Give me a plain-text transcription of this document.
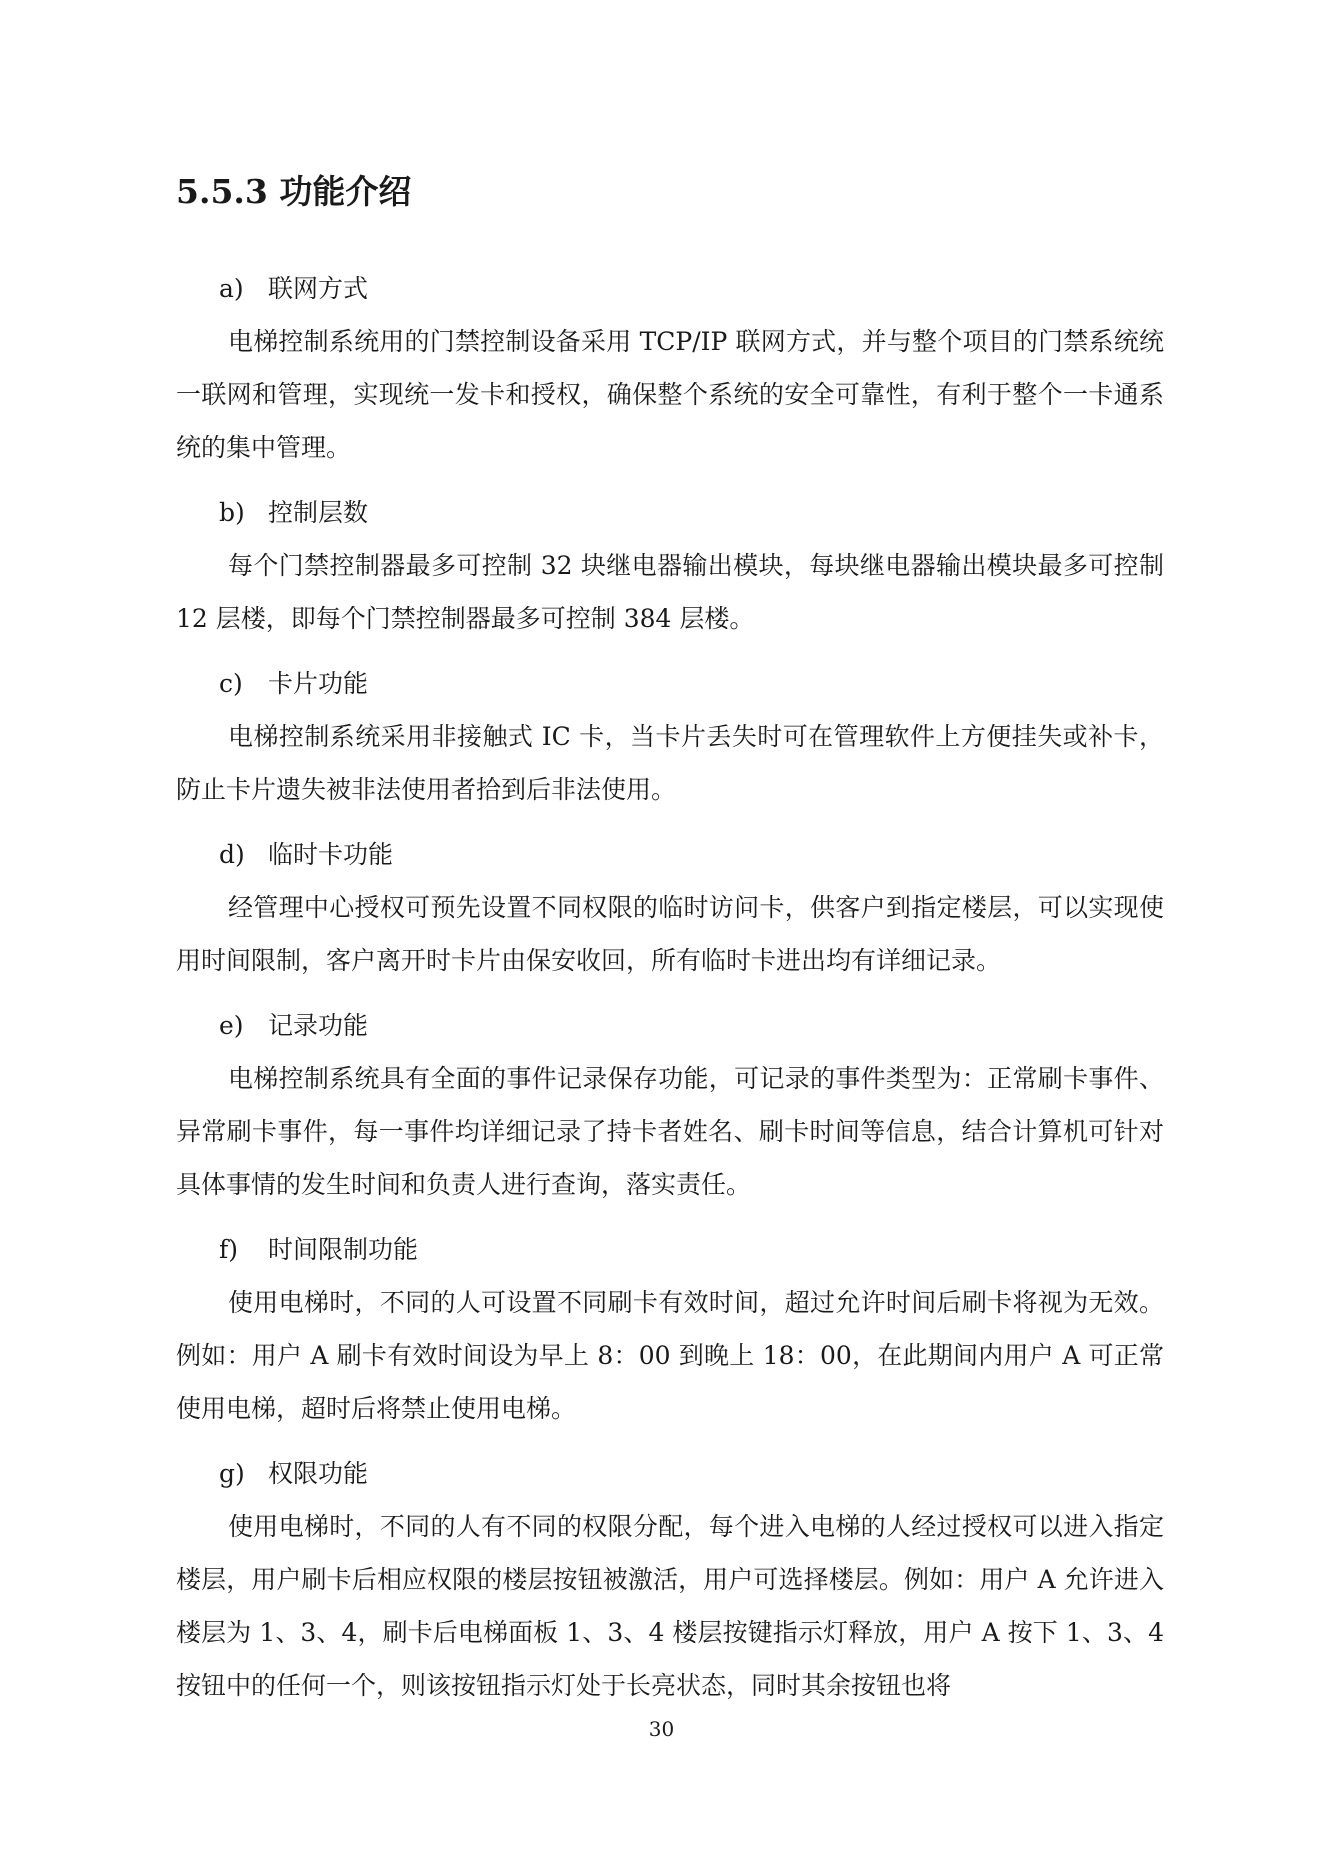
5.5.3 功能介绍

a) 联网方式

电梯控制系统用的门禁控制设备采用 TCP/IP 联网方式，并与整个项目的门禁系统统一联网和管理，实现统一发卡和授权，确保整个系统的安全可靠性，有利于整个一卡通系统的集中管理。

b) 控制层数

每个门禁控制器最多可控制 32 块继电器输出模块，每块继电器输出模块最多可控制 12 层楼，即每个门禁控制器最多可控制 384 层楼。

c) 卡片功能

电梯控制系统采用非接触式 IC 卡，当卡片丢失时可在管理软件上方便挂失或补卡，防止卡片遗失被非法使用者拾到后非法使用。

d) 临时卡功能

经管理中心授权可预先设置不同权限的临时访问卡，供客户到指定楼层，可以实现使用时间限制，客户离开时卡片由保安收回，所有临时卡进出均有详细记录。

e) 记录功能

电梯控制系统具有全面的事件记录保存功能，可记录的事件类型为：正常刷卡事件、异常刷卡事件，每一事件均详细记录了持卡者姓名、刷卡时间等信息，结合计算机可针对具体事情的发生时间和负责人进行查询，落实责任。

f) 时间限制功能

使用电梯时，不同的人可设置不同刷卡有效时间，超过允许时间后刷卡将视为无效。例如：用户 A 刷卡有效时间设为早上 8：00 到晚上 18：00，在此期间内用户 A 可正常使用电梯，超时后将禁止使用电梯。

g) 权限功能

使用电梯时，不同的人有不同的权限分配，每个进入电梯的人经过授权可以进入指定楼层，用户刷卡后相应权限的楼层按钮被激活，用户可选择楼层。例如：用户 A 允许进入楼层为 1、3、4，刷卡后电梯面板 1、3、4 楼层按键指示灯释放，用户 A 按下 1、3、4 按钮中的任何一个，则该按钮指示灯处于长亮状态，同时其余按钮也将

30
